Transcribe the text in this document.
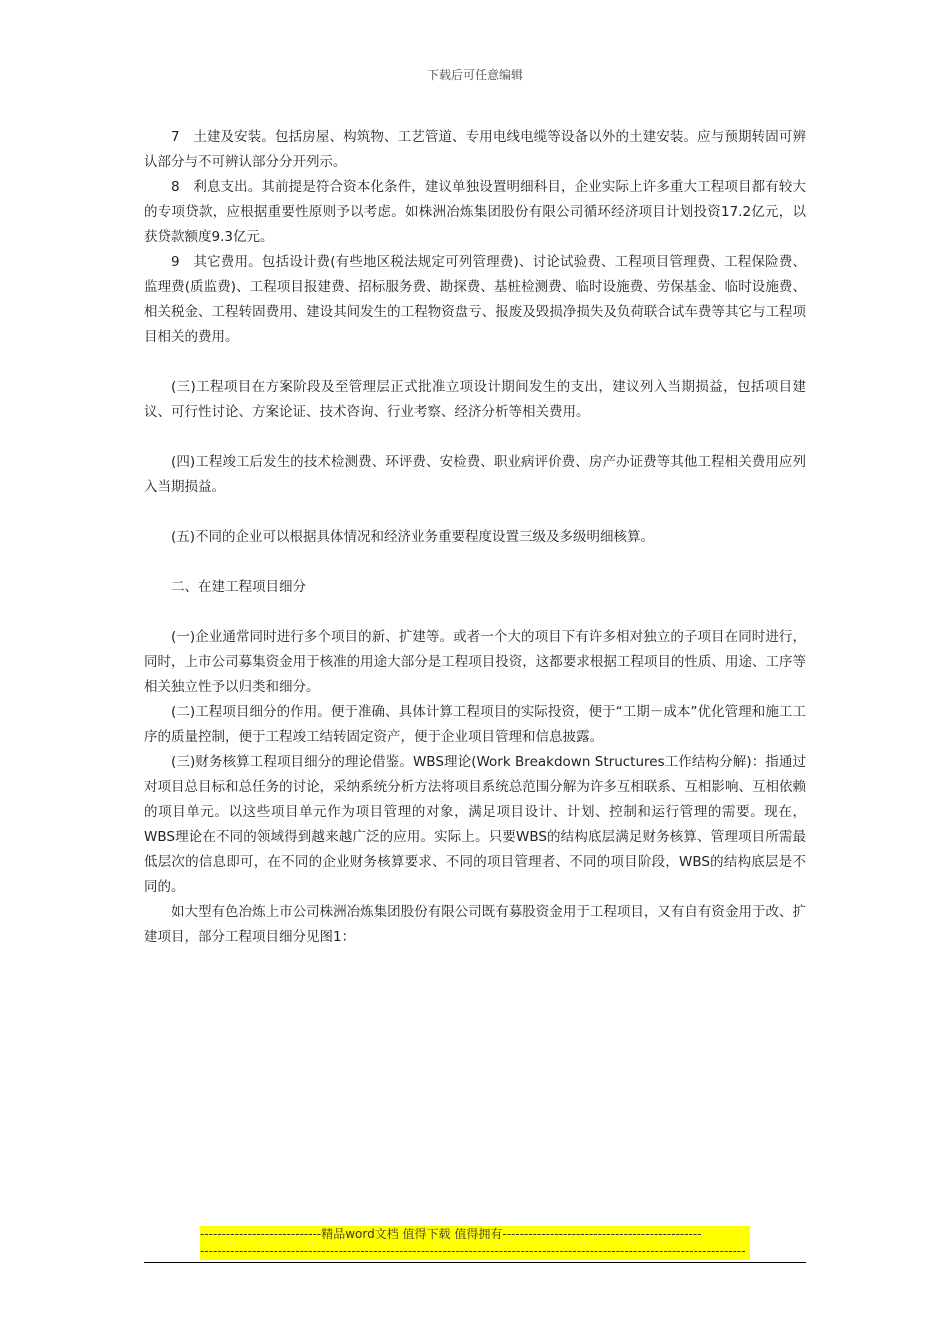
下载后可任意编辑

7　土建及安装。包括房屋、构筑物、工艺管道、专用电线电缆等设备以外的土建安装。应与预期转固可辨认部分与不可辨认部分分开列示。

8　利息支出。其前提是符合资本化条件，建议单独设置明细科目，企业实际上许多重大工程项目都有较大的专项贷款，应根据重要性原则予以考虑。如株洲冶炼集团股份有限公司循环经济项目计划投资17.2亿元，以获贷款额度9.3亿元。

9　其它费用。包括设计费(有些地区税法规定可列管理费)、讨论试验费、工程项目管理费、工程保险费、监理费(质监费)、工程项目报建费、招标服务费、勘探费、基桩检测费、临时设施费、劳保基金、临时设施费、相关税金、工程转固费用、建设其间发生的工程物资盘亏、报废及毁损净损失及负荷联合试车费等其它与工程项目相关的费用。

(三)工程项目在方案阶段及至管理层正式批准立项设计期间发生的支出，建议列入当期损益，包括项目建议、可行性讨论、方案论证、技术咨询、行业考察、经济分析等相关费用。

(四)工程竣工后发生的技术检测费、环评费、安检费、职业病评价费、房产办证费等其他工程相关费用应列入当期损益。

(五)不同的企业可以根据具体情况和经济业务重要程度设置三级及多级明细核算。

二、在建工程项目细分

(一)企业通常同时进行多个项目的新、扩建等。或者一个大的项目下有许多相对独立的子项目在同时进行，同时，上市公司募集资金用于核准的用途大部分是工程项目投资，这都要求根据工程项目的性质、用途、工序等相关独立性予以归类和细分。

(二)工程项目细分的作用。便于准确、具体计算工程项目的实际投资，便于“工期－成本”优化管理和施工工序的质量控制，便于工程竣工结转固定资产，便于企业项目管理和信息披露。

(三)财务核算工程项目细分的理论借鉴。WBS理论(Work Breakdown Structures工作结构分解)：指通过对项目总目标和总任务的讨论，采纳系统分析方法将项目系统总范围分解为许多互相联系、互相影响、互相依赖的项目单元。以这些项目单元作为项目管理的对象，满足项目设计、计划、控制和运行管理的需要。现在，WBS理论在不同的领域得到越来越广泛的应用。实际上。只要WBS的结构底层满足财务核算、管理项目所需最低层次的信息即可，在不同的企业财务核算要求、不同的项目管理者、不同的项目阶段，WBS的结构底层是不同的。

如大型有色冶炼上市公司株洲冶炼集团股份有限公司既有募股资金用于工程项目，又有自有资金用于改、扩建项目，部分工程项目细分见图1：

----------------------------精品word文档 值得下载 值得拥有----------------------------------------------
------------------------------------------------------------------------------------------------------------------------------
